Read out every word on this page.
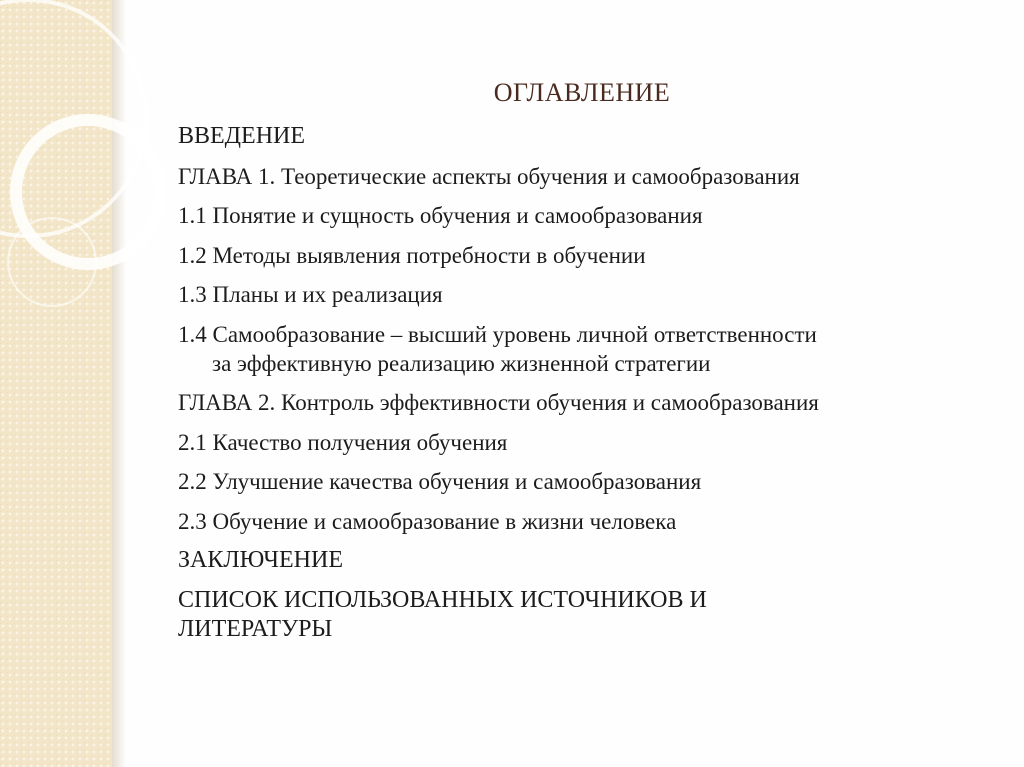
ОГЛАВЛЕНИЕ
ВВЕДЕНИЕ
ГЛАВА 1. Теоретические аспекты обучения и самообразования
1.1 Понятие и сущность обучения и самообразования
1.2 Методы выявления потребности в обучении
1.3 Планы и их реализация
1.4 Самообразование – высший уровень личной ответственности
за эффективную реализацию жизненной стратегии
ГЛАВА 2. Контроль эффективности обучения и самообразования
2.1 Качество получения обучения
2.2 Улучшение качества обучения и самообразования
2.3 Обучение и самообразование в жизни человека
ЗАКЛЮЧЕНИЕ
СПИСОК ИСПОЛЬЗОВАННЫХ ИСТОЧНИКОВ И
ЛИТЕРАТУРЫ
